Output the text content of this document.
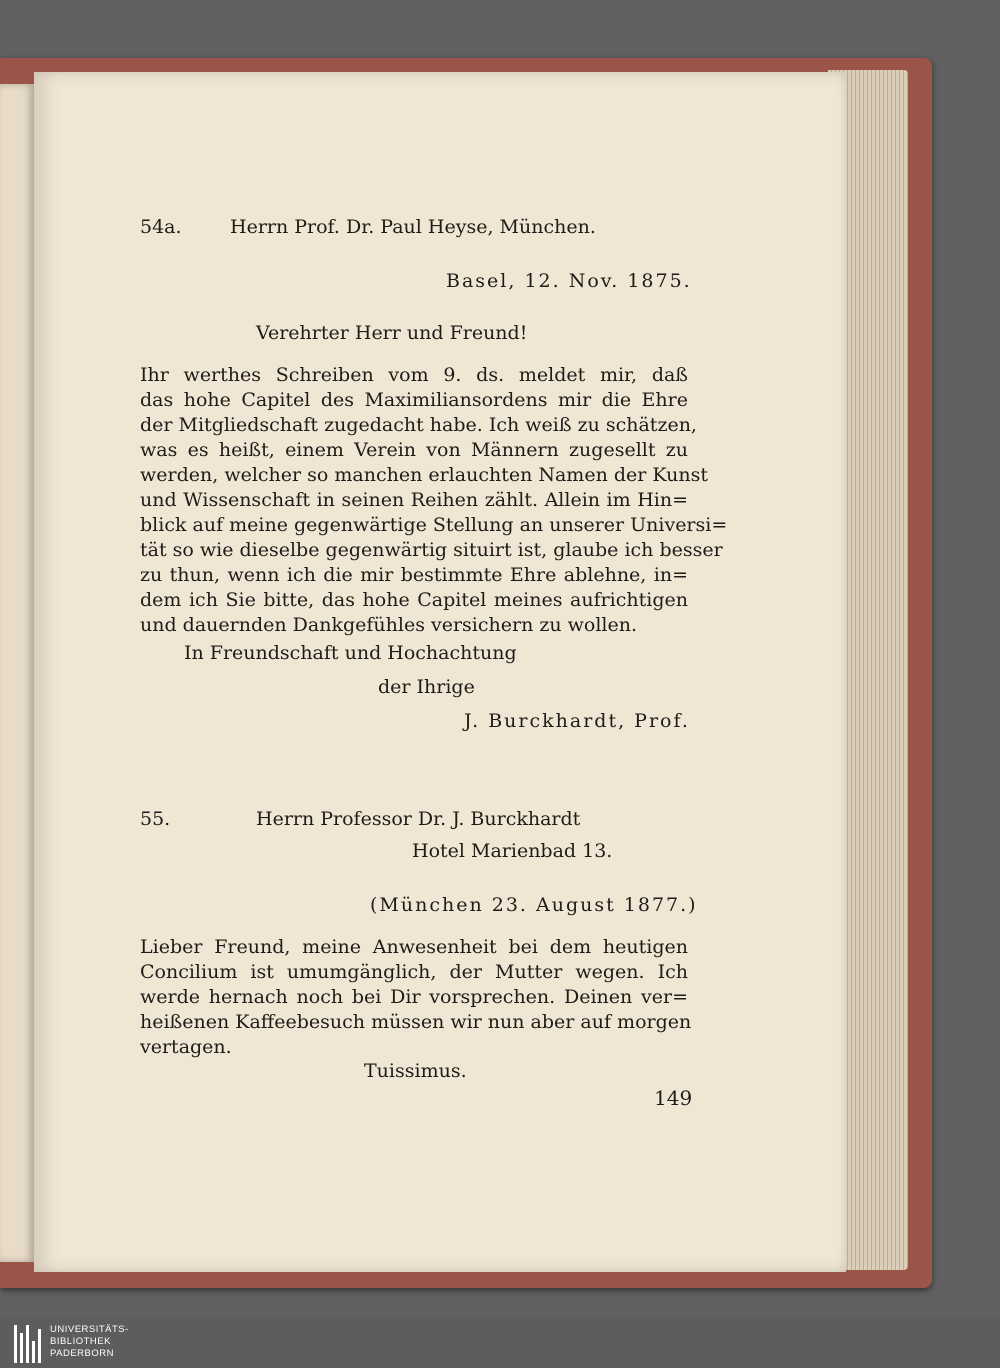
54a.	Herrn Prof. Dr. Paul Heyse, München.
Basel, 12. Nov. 1875.
Verehrter Herr und Freund!
Ihr werthes Schreiben vom 9. ds. meldet mir, daß
das hohe Capitel des Maximiliansordens mir die Ehre
der Mitgliedschaft zugedacht habe. Ich weiß zu schätzen,
was es heißt, einem Verein von Männern zugesellt zu
werden, welcher so manchen erlauchten Namen der Kunst
und Wissenschaft in seinen Reihen zählt. Allein im Hin=
blick auf meine gegenwärtige Stellung an unserer Universi=
tät so wie dieselbe gegenwärtig situirt ist, glaube ich besser
zu thun, wenn ich die mir bestimmte Ehre ablehne, in=
dem ich Sie bitte, das hohe Capitel meines aufrichtigen
und dauernden Dankgefühles versichern zu wollen.
In Freundschaft und Hochachtung
der Ihrige
J. Burckhardt, Prof.
55.	Herrn Professor Dr. J. Burckhardt
Hotel Marienbad 13.
(München 23. August 1877.)
Lieber Freund, meine Anwesenheit bei dem heutigen
Concilium ist umumgänglich, der Mutter wegen. Ich
werde hernach noch bei Dir vorsprechen. Deinen ver=
heißenen Kaffeebesuch müssen wir nun aber auf morgen
vertagen.
Tuissimus.
149
UNIVERSITÄTS-
BIBLIOTHEK
PADERBORN
